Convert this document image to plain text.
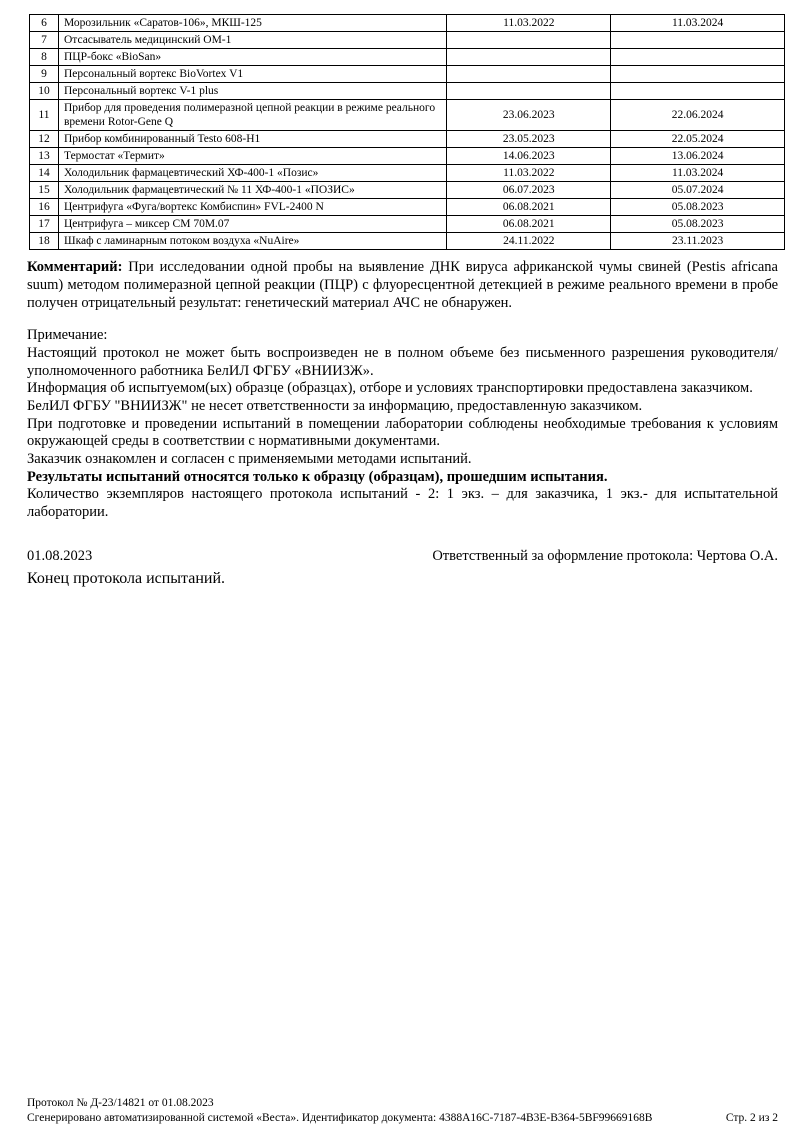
6	Морозильник «Саратов-106», МКШ-125	11.03.2022	11.03.2024
7	Отсасыватель медицинский ОМ-1		
8	ПЦР-бокс «BioSan»		
9	Персональный вортекс BioVortex V1		
10	Персональный вортекс V-1 plus		
11	Прибор для проведения полимеразной цепной реакции в режиме реального времени Rotor-Gene Q	23.06.2023	22.06.2024
12	Прибор комбинированный Testo 608-H1	23.05.2023	22.05.2024
13	Термостат «Термит»	14.06.2023	13.06.2024
14	Холодильник фармацевтический ХФ-400-1 «Позис»	11.03.2022	11.03.2024
15	Холодильник фармацевтический № 11 ХФ-400-1 «ПОЗИС»	06.07.2023	05.07.2024
16	Центрифуга «Фуга/вортекс Комбиспин» FVL-2400 N	06.08.2021	05.08.2023
17	Центрифуга – миксер СМ 70М.07	06.08.2021	05.08.2023
18	Шкаф с ламинарным потоком воздуха «NuAire»	24.11.2022	23.11.2023

Комментарий: При исследовании одной пробы на выявление ДНК вируса африканской чумы свиней (Pestis africana suum) методом полимеразной цепной реакции (ПЦР) с флуоресцентной детекцией в режиме реального времени в пробе получен отрицательный результат: генетический материал АЧС не обнаружен.

Примечание:

Настоящий протокол не может быть воспроизведен не в полном объеме без письменного разрешения руководителя/уполномоченного работника БелИЛ ФГБУ «ВНИИЗЖ».

Информация об испытуемом(ых) образце (образцах), отборе и условиях транспортировки предоставлена заказчиком.

БелИЛ ФГБУ "ВНИИЗЖ" не несет ответственности за информацию, предоставленную заказчиком.

При подготовке и проведении испытаний в помещении лаборатории соблюдены необходимые требования к условиям окружающей среды в соответствии с нормативными документами.

Заказчик ознакомлен и согласен с применяемыми методами испытаний.

Результаты испытаний относятся только к образцу (образцам), прошедшим испытания.

Количество экземпляров настоящего протокола испытаний - 2: 1 экз. – для заказчика, 1 экз.- для испытательной лаборатории.

01.08.2023	Ответственный за оформление протокола: Чертова О.А.
Конец протокола испытаний.
Протокол № Д-23/14821 от 01.08.2023
Сгенерировано автоматизированной системой «Веста». Идентификатор документа: 4388A16C-7187-4B3E-B364-5BF99669168B	Стр. 2 из 2
